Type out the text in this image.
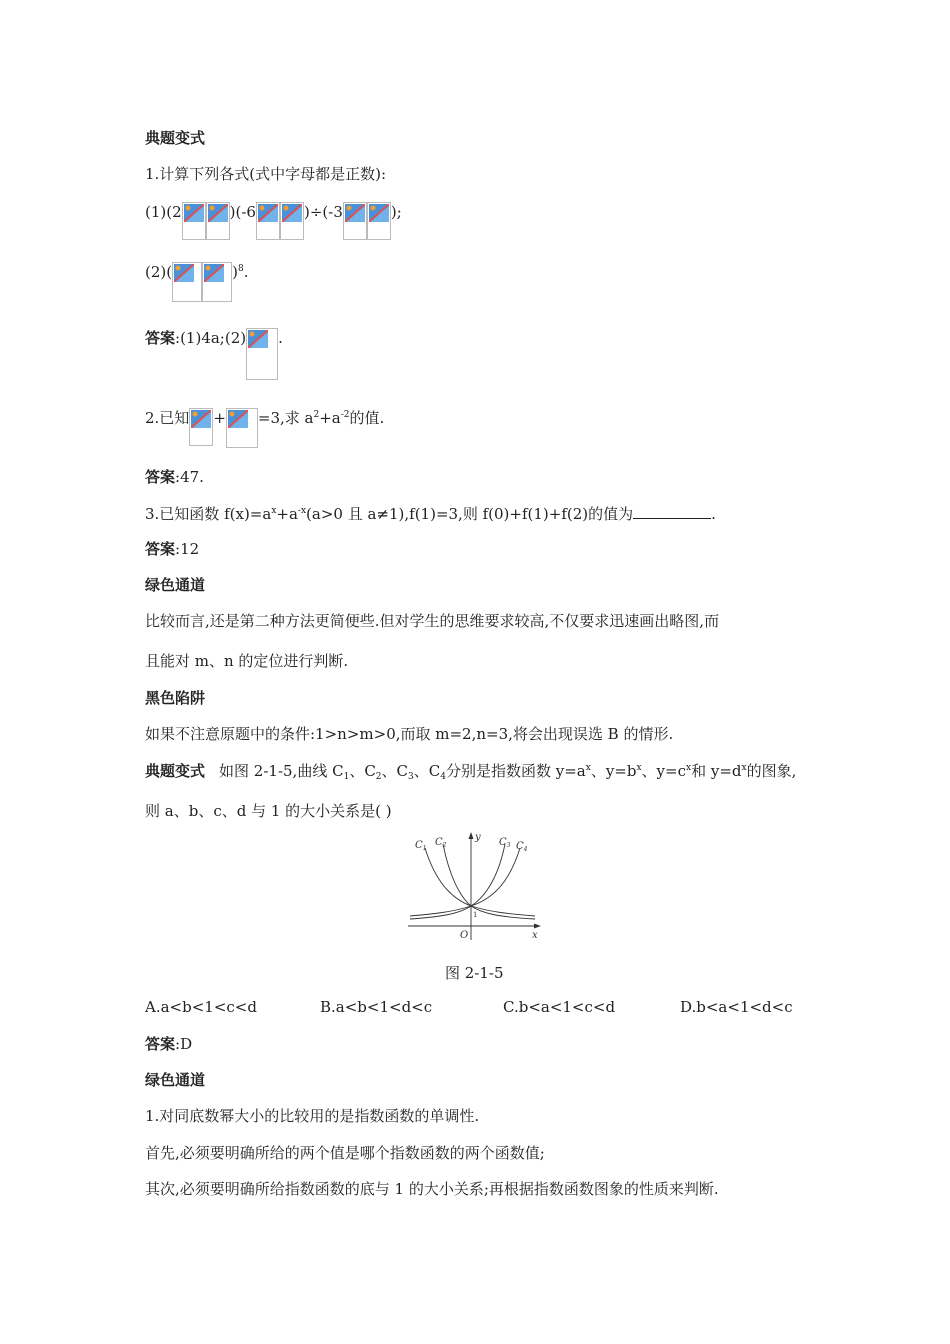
典题变式
1.计算下列各式(式中字母都是正数):
(1)(2	)(-6	)÷(-3	);
(2)(	)$^8$.
答案:(1)4a;(2) .
2.已知 + =3,求 $a^2+a^{-2}$的值.
答案:47.
3.已知函数 $f(x)=a^x+a^{-x}(a>0$ 且 a≠1),f(1)=3,则 f(0)+f(1)+f(2)的值为	.
答案:12
绿色通道
比较而言,还是第二种方法更简便些.但对学生的思维要求较高,不仅要求迅速画出略图,而
且能对 m、n 的定位进行判断.
黑色陷阱
如果不注意原题中的条件:1>n>m>0,而取 m=2,n=3,将会出现误选 B 的情形.
典题变式 如图 2-1-5,曲线 $C_1$、$C_2$、$C_3$、$C_4$分别是指数函数 $y=a^x$、$y=b^x$、$y=c^x$和 $y=d^x$的图象,
则 a、b、c、d 与 1 的大小关系是( )
$C_1$
$C_2$	$C_3$ $C_4$
y
x
O
1
图 2-1-5
A.a<b<1<c<d	B.a<b<1<d<c	C.b<a<1<c<d	D.b<a<1<d<c
答案:D
绿色通道
1.对同底数幂大小的比较用的是指数函数的单调性.
首先,必须要明确所给的两个值是哪个指数函数的两个函数值;
其次,必须要明确所给指数函数的底与 1 的大小关系;再根据指数函数图象的性质来判断.
